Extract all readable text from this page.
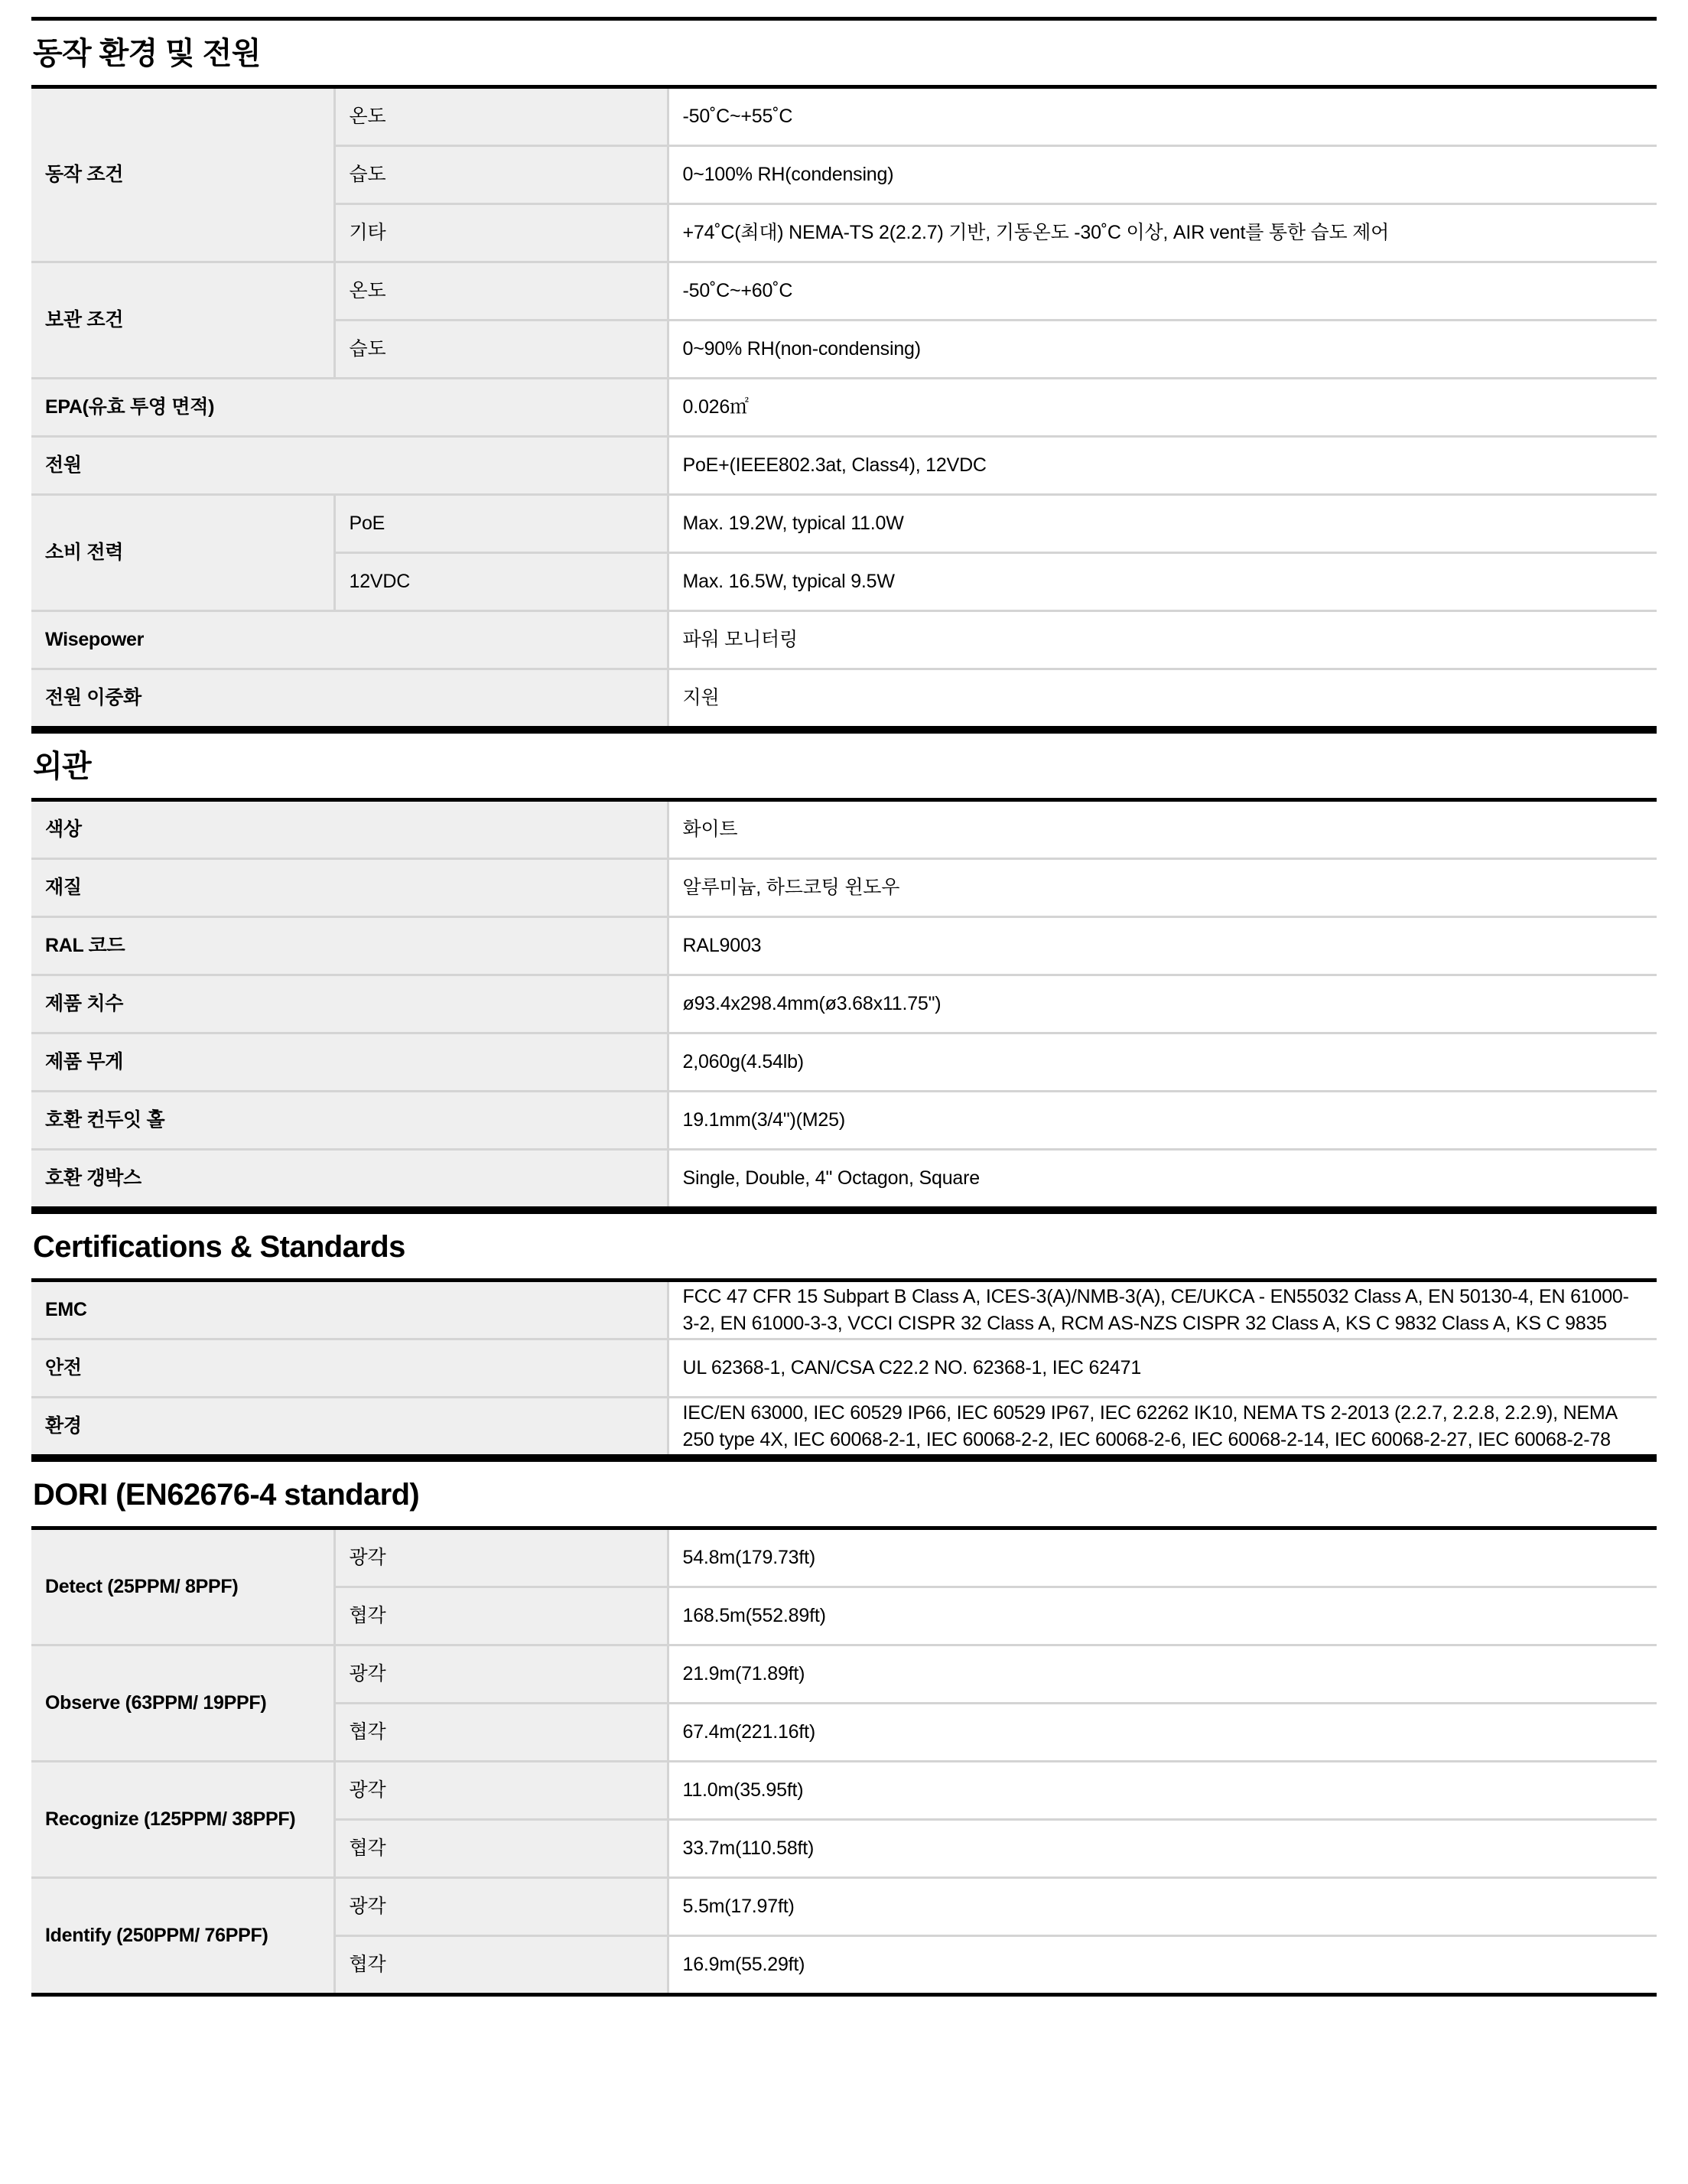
동작 환경 및 전원
동작 조건	온도	-50˚C~+55˚C
	습도	0~100% RH(condensing)
	기타	+74˚C(최대) NEMA-TS 2(2.2.7) 기반, 기동온도 -30˚C 이상, AIR vent를 통한 습도 제어
보관 조건	온도	-50˚C~+60˚C
	습도	0~90% RH(non-condensing)
EPA(유효 투영 면적)		0.026㎡
전원		PoE+(IEEE802.3at, Class4), 12VDC
소비 전력	PoE	Max. 19.2W, typical 11.0W
	12VDC	Max. 16.5W, typical 9.5W
Wisepower		파워 모니터링
전원 이중화		지원
외관
색상	화이트
재질	알루미늄, 하드코팅 윈도우
RAL 코드	RAL9003
제품 치수	ø93.4x298.4mm(ø3.68x11.75")
제품 무게	2,060g(4.54lb)
호환 컨두잇 홀	19.1mm(3/4")(M25)
호환 갱박스	Single, Double, 4" Octagon, Square
Certifications & Standards
EMC	FCC 47 CFR 15 Subpart B Class A, ICES-3(A)/NMB-3(A), CE/UKCA - EN55032 Class A, EN 50130-4, EN 61000-3-2, EN 61000-3-3, VCCI CISPR 32 Class A, RCM AS-NZS CISPR 32 Class A, KS C 9832 Class A, KS C 9835
안전	UL 62368-1, CAN/CSA C22.2 NO. 62368-1, IEC 62471
환경	IEC/EN 63000, IEC 60529 IP66, IEC 60529 IP67, IEC 62262 IK10, NEMA TS 2-2013 (2.2.7, 2.2.8, 2.2.9), NEMA 250 type 4X, IEC 60068-2-1, IEC 60068-2-2, IEC 60068-2-6, IEC 60068-2-14, IEC 60068-2-27, IEC 60068-2-78
DORI (EN62676-4 standard)
Detect (25PPM/ 8PPF)	광각	54.8m(179.73ft)
	협각	168.5m(552.89ft)
Observe (63PPM/ 19PPF)	광각	21.9m(71.89ft)
	협각	67.4m(221.16ft)
Recognize (125PPM/ 38PPF)	광각	11.0m(35.95ft)
	협각	33.7m(110.58ft)
Identify (250PPM/ 76PPF)	광각	5.5m(17.97ft)
	협각	16.9m(55.29ft)
